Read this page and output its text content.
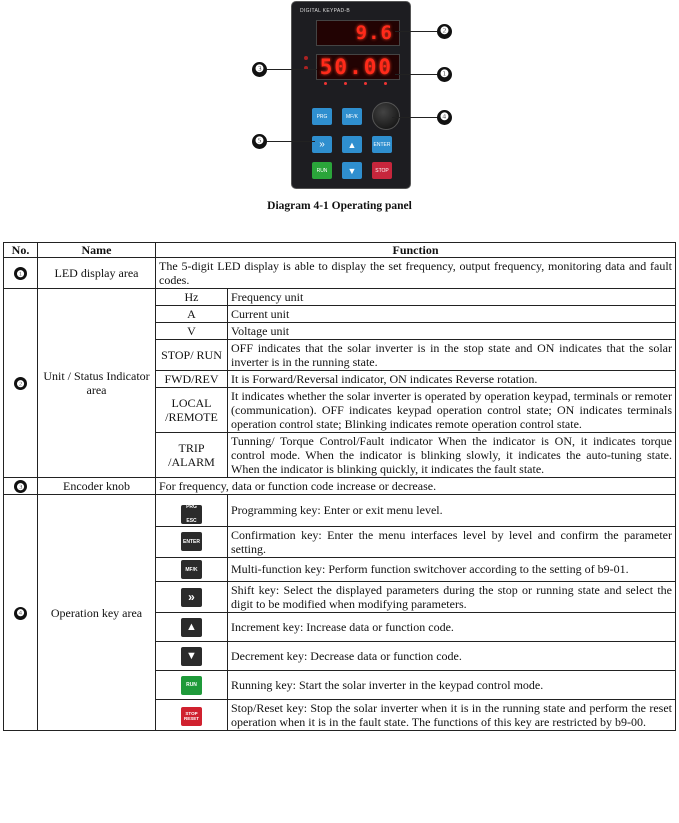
DIGITAL KEYPAD-B
9.6
50.00
PRG	MF/K
»	▲	ENTER
RUN	▼	STOP
❷
❶
❸
❹
❺
Diagram 4-1 Operating panel
No.	Name	Function	
❶	LED display area	The 5-digit LED display is able to display the set frequency, output frequency, monitoring data and fault codes.	
❷	Unit / Status Indicator area	Hz	Frequency unit
		A	Current unit
		V	Voltage unit
		STOP/ RUN	OFF indicates that the solar inverter is in the stop state and ON indicates that the solar inverter is in the running state.
		FWD/REV	It is Forward/Reversal indicator, ON indicates Reverse rotation.
		LOCAL /REMOTE	It indicates whether the solar inverter is operated by operation keypad, terminals or remoter (communication). OFF indicates keypad operation control state; ON indicates terminals operation control state; Blinking indicates remote operation control state.
		TRIP /ALARM	Tunning/ Torque Control/Fault indicator When the indicator is ON, it indicates torque control mode. When the indicator is blinking slowly, it indicates the auto-tuning state. When the indicator is blinking quickly, it indicates the fault state.
❸	Encoder knob	For frequency, data or function code increase or decrease.	
❹	Operation key area	PRG ESC	Programming key: Enter or exit menu level.
		ENTER	Confirmation key: Enter the menu interfaces level by level and confirm the parameter setting.
		MF/K	Multi-function key: Perform function switchover according to the setting of b9-01.
		»	Shift key: Select the displayed parameters during the stop or running state and select the digit to be modified when modifying parameters.
		▲	Increment key: Increase data or function code.
		▼	Decrement key: Decrease data or function code.
		RUN	Running key: Start the solar inverter in the keypad control mode.
		STOP RESET	Stop/Reset key: Stop the solar inverter when it is in the running state and perform the reset operation when it is in the fault state. The functions of this key are restricted by b9-00.
